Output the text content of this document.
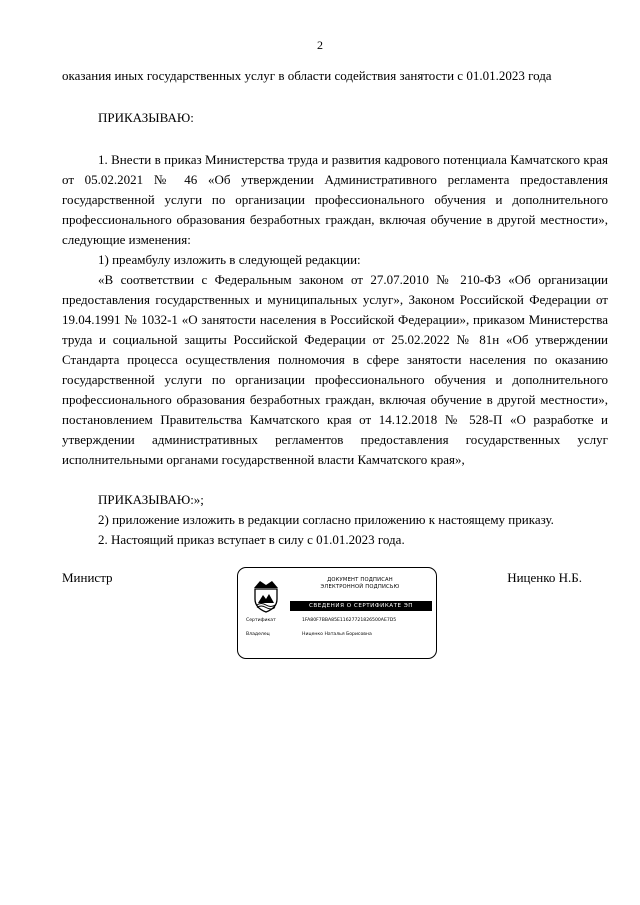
2

оказания иных государственных услуг в области содействия занятости с 01.01.2023 года

ПРИКАЗЫВАЮ:

1. Внести в приказ Министерства труда и развития кадрового потенциала Камчатского края от 05.02.2021 № 46 «Об утверждении Административного регламента предоставления государственной услуги по организации профессионального обучения и дополнительного профессионального образования безработных граждан, включая обучение в другой местности», следующие изменения:

1) преамбулу изложить в следующей редакции:

«В соответствии с Федеральным законом от 27.07.2010 № 210-ФЗ «Об организации предоставления государственных и муниципальных услуг», Законом Российской Федерации от 19.04.1991 № 1032-1 «О занятости населения в Российской Федерации», приказом Министерства труда и социальной защиты Российской Федерации от 25.02.2022 № 81н «Об утверждении Стандарта процесса осуществления полномочия в сфере занятости населения по оказанию государственной услуги по организации профессионального обучения и дополнительного профессионального образования безработных граждан, включая обучение в другой местности», постановлением Правительства Камчатского края от 14.12.2018 № 528-П «О разработке и утверждении административных регламентов предоставления государственных услуг исполнительными органами государственной власти Камчатского края»,

ПРИКАЗЫВАЮ:»;

2) приложение изложить в редакции согласно приложению к настоящему приказу.

2. Настоящий приказ вступает в силу с 01.01.2023 года.

Министр	Ниценко Н.Б.
ДОКУМЕНТ ПОДПИСАН
ЭЛЕКТРОННОЙ ПОДПИСЬЮ
СВЕДЕНИЯ О СЕРТИФИКАТЕ ЭП
Сертификат	1FA80F7BBA85E11627721826500AE7D5
Владелец	Ниценко Наталья Борисовна
